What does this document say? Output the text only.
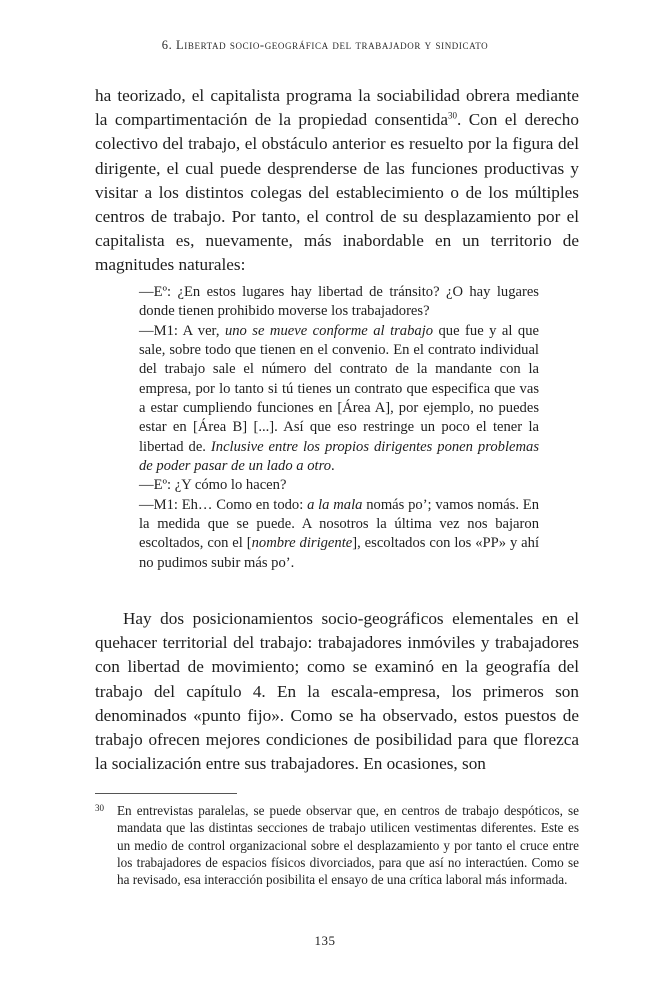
6. Libertad socio-geográfica del trabajador y sindicato

ha teorizado, el capitalista programa la sociabilidad obrera mediante la compartimentación de la propiedad consentida$^{30}$. Con el derecho colectivo del trabajo, el obstáculo anterior es resuelto por la figura del dirigente, el cual puede desprenderse de las funciones productivas y visitar a los distintos colegas del establecimiento o de los múltiples centros de trabajo. Por tanto, el control de su desplazamiento por el capitalista es, nuevamente, más inabordable en un territorio de magnitudes naturales:

—Eº: ¿En estos lugares hay libertad de tránsito? ¿O hay lugares donde tienen prohibido moverse los trabajadores?

—M1: A ver, uno se mueve conforme al trabajo que fue y al que sale, sobre todo que tienen en el convenio. En el contrato individual del trabajo sale el número del contrato de la mandante con la empresa, por lo tanto si tú tienes un contrato que especifica que vas a estar cumpliendo funciones en [Área A], por ejemplo, no puedes estar en [Área B] [...]. Así que eso restringe un poco el tener la libertad de. Inclusive entre los propios dirigentes ponen problemas de poder pasar de un lado a otro.

—Eº: ¿Y cómo lo hacen?

—M1: Eh… Como en todo: a la mala nomás po’; vamos nomás. En la medida que se puede. A nosotros la última vez nos bajaron escoltados, con el [nombre dirigente], escoltados con los «PP» y ahí no pudimos subir más po’.

Hay dos posicionamientos socio-geográficos elementales en el quehacer territorial del trabajo: trabajadores inmóviles y trabajadores con libertad de movimiento; como se examinó en la geografía del trabajo del capítulo 4. En la escala-empresa, los primeros son denominados «punto fijo». Como se ha observado, estos puestos de trabajo ofrecen mejores condiciones de posibilidad para que florezca la socialización entre sus trabajadores. En ocasiones, son

30 En entrevistas paralelas, se puede observar que, en centros de trabajo despóticos, se mandata que las distintas secciones de trabajo utilicen vestimentas diferentes. Este es un medio de control organizacional sobre el desplazamiento y por tanto el cruce entre los trabajadores de espacios físicos divorciados, para que así no interactúen. Como se ha revisado, esa interacción posibilita el ensayo de una crítica laboral más informada.
135
